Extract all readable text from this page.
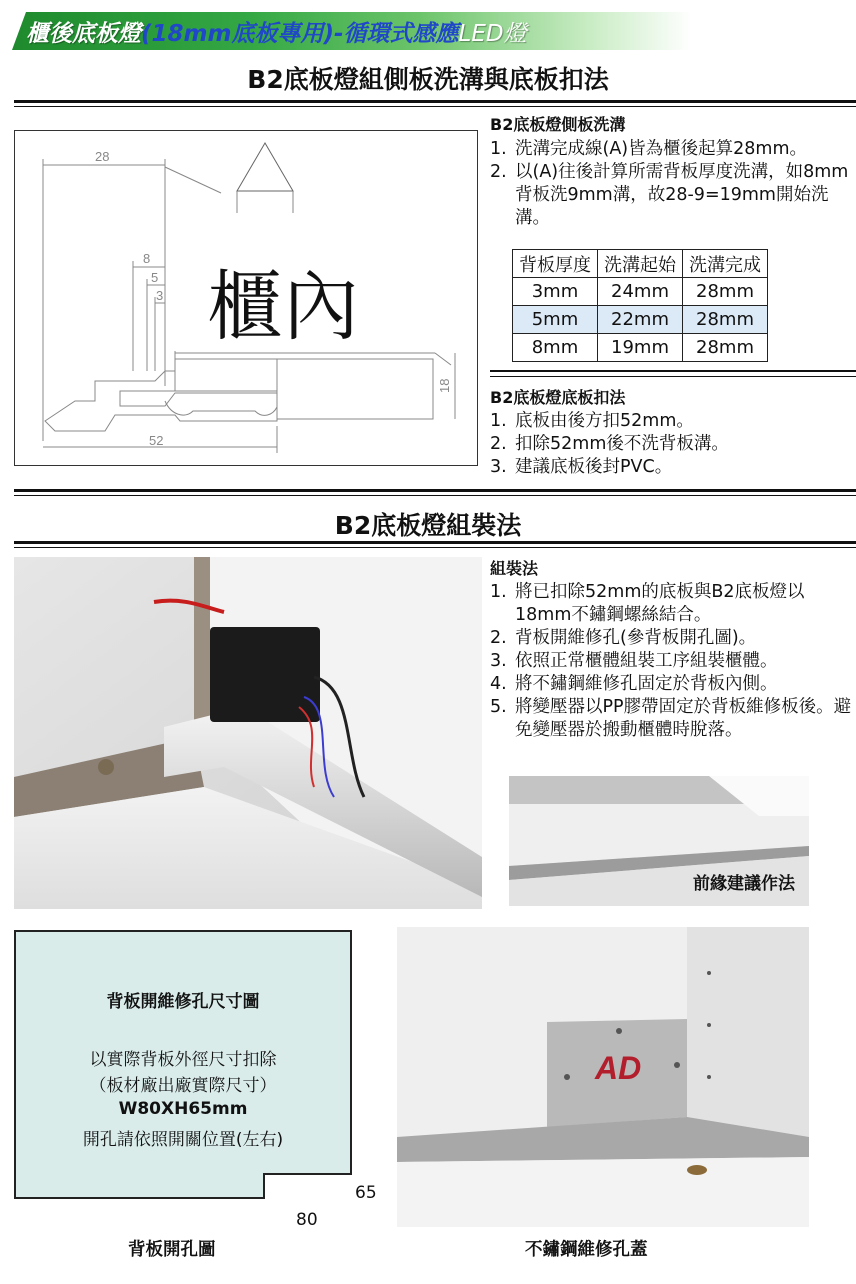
櫃後底板燈(18mm底板專用)-循環式感應LED燈
B2底板燈組側板洗溝與底板扣法
28
8
5
3
52
18
櫃內
B2底板燈側板洗溝
1. 洗溝完成線(A)皆為櫃後起算28mm。
2. 以(A)往後計算所需背板厚度洗溝，如8mm背板洗9mm溝，故28-9=19mm開始洗溝。
背板厚度	洗溝起始	洗溝完成
3mm	24mm	28mm
5mm	22mm	28mm
8mm	19mm	28mm
B2底板燈底板扣法
1. 底板由後方扣52mm。
2. 扣除52mm後不洗背板溝。
3. 建議底板後封PVC。
B2底板燈組裝法
組裝法
1. 將已扣除52mm的底板與B2底板燈以18mm不鏽鋼螺絲結合。
2. 背板開維修孔(參背板開孔圖)。
3. 依照正常櫃體組裝工序組裝櫃體。
4. 將不鏽鋼維修孔固定於背板內側。
5. 將變壓器以PP膠帶固定於背板維修板後。避免變壓器於搬動櫃體時脫落。
前緣建議作法
背板開維修孔尺寸圖
以實際背板外徑尺寸扣除
（板材廠出廠實際尺寸）
W80XH65mm
開孔請依照開關位置(左右)
65
80
背板開孔圖
AD
不鏽鋼維修孔蓋
